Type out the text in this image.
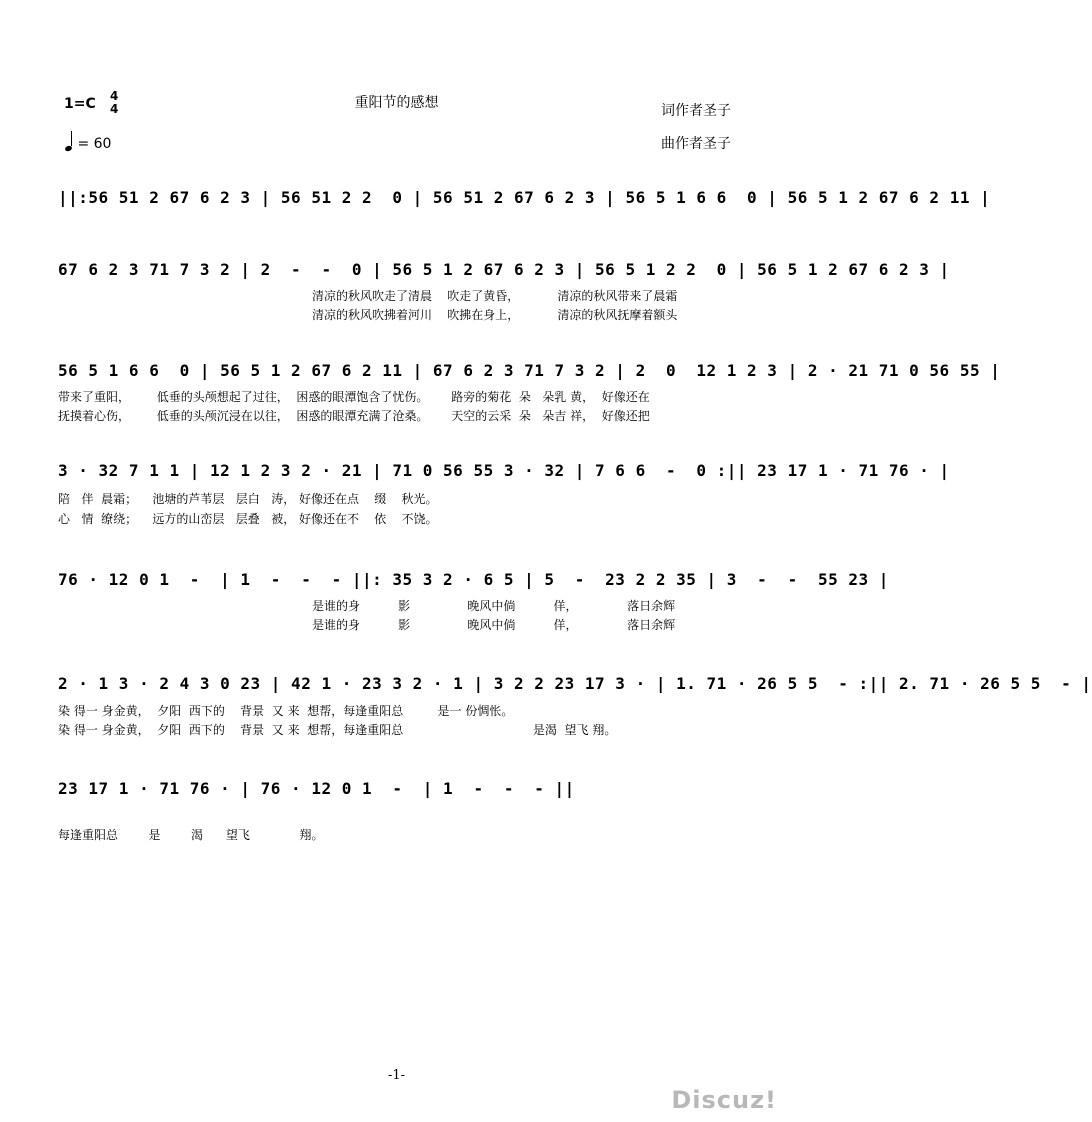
重阳节的感想	词作者圣子
曲作者圣子
1=C 4
4
= 60
||:56 51 2 67 6 2 3 | 56 51 2 2  0 | 56 51 2 67 6 2 3 | 56 5 1 6 6  0 | 56 5 1 2 67 6 2 11 |
67 6 2 3 71 7 3 2 | 2  -  -  0 | 56 5 1 2 67 6 2 3 | 56 5 1 2 2  0 | 56 5 1 2 67 6 2 3 |
清凉的秋风吹走了清晨    吹走了黄昏，          清凉的秋风带来了晨霜
清凉的秋风吹拂着河川    吹拂在身上，          清凉的秋风抚摩着额头
56 5 1 6 6  0 | 56 5 1 2 67 6 2 11 | 67 6 2 3 71 7 3 2 | 2  0  12 1 2 3 | 2 · 21 71 0 56 55 |
带来了重阳，       低垂的头颅想起了过往，  困惑的眼潭饱含了忧伤。      路旁的菊花  朵   朵乳 黄，  好像还在
抚摸着心伤，       低垂的头颅沉浸在以往，  困惑的眼潭充满了沧桑。      天空的云采  朵   朵吉 祥，  好像还把
3 · 32 7 1 1 | 12 1 2 3 2 · 21 | 71 0 56 55 3 · 32 | 7 6 6  -  0 :|| 23 17 1 · 71 76 · |
陪   伴  晨霜；    池塘的芦苇层   层白   涛， 好像还在点    缀    秋光。
心   情  缭绕；    远方的山峦层   层叠   被， 好像还在不    依    不饶。
76 · 12 0 1  -  | 1  -  -  - ||: 35 3 2 · 6 5 | 5  -  23 2 2 35 | 3  -  -  55 23 |
是谁的身          影               晚风中倘          佯，             落日余辉
是谁的身          影               晚风中倘          佯，             落日余辉
2 · 1 3 · 2 4 3 0 23 | 42 1 · 23 3 2 · 1 | 3 2 2 23 17 3 · | 1. 71 · 26 5 5  - :|| 2. 71 · 26 5 5  - |
染 得一 身金黄，  夕阳  西下的    背景  又 来  想帮，每逢重阳总         是一 份惆怅。
染 得一 身金黄，  夕阳  西下的    背景  又 来  想帮，每逢重阳总                                  是渴  望飞 翔。
23 17 1 · 71 76 · | 76 · 12 0 1  -  | 1  -  -  - ||
每逢重阳总        是        渴      望飞             翔。
-1-
Discuz!
